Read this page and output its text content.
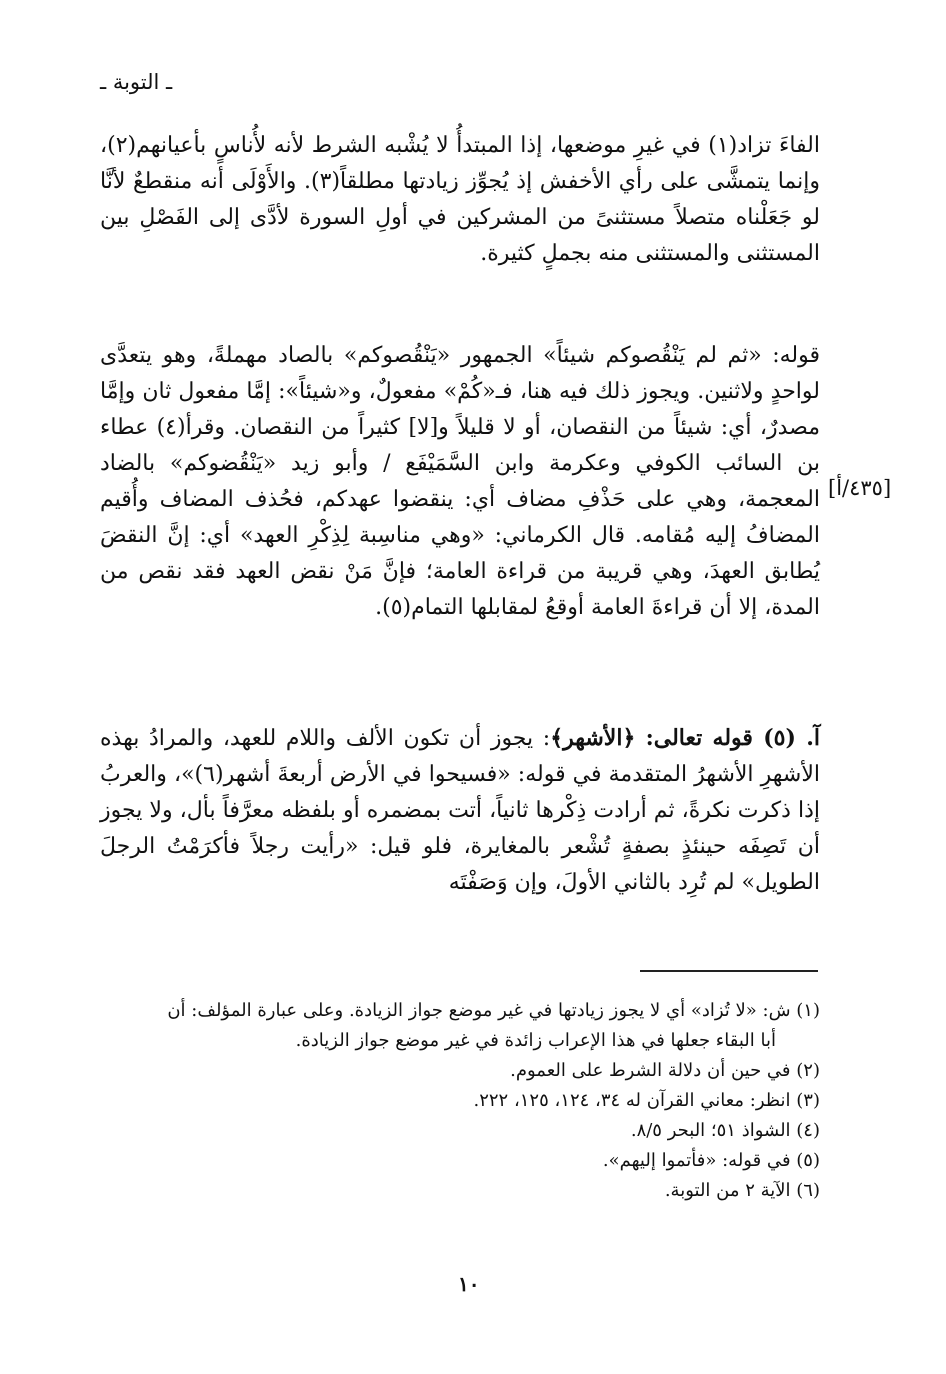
ـ التوبة ـ
[٤٣٥/أ]

الفاءَ تزاد(١) في غيرِ موضعها، إذا المبتدأُ لا يُشْبه الشرط لأنه لأُناسٍ بأعيانهم(٢)، وإنما يتمشَّى على رأي الأخفش إذ يُجوِّز زيادتها مطلقاً(٣). والأَوْلَى أنه منقطعٌ لأنَّا لو جَعَلْناه متصلاً مستثنىً من المشركين في أولِ السورة لأدَّى إلى الفَصْلِ بين المستثنى والمستثنى منه بجملٍ كثيرة.

قوله: «ثم لم يَنْقُصوكم شيئاً» الجمهور «يَنْقُصوكم» بالصاد مهملةً، وهو يتعدَّى لواحدٍ ولاثنين. ويجوز ذلك فيه هنا، فـ«كُمْ» مفعولٌ، و«شيئاً»: إمَّا مفعول ثان وإمَّا مصدرٌ، أي: شيئاً من النقصان، أو لا قليلاً و[لا] كثيراً من النقصان. وقرأ(٤) عطاء بن السائب الكوفي وعكرمة وابن السَّمَيْفَع / وأبو زيد «يَنْقُضوكم» بالضاد المعجمة، وهي على حَذْفِ مضاف أي: ينقضوا عهدكم، فحُذف المضاف وأُقيم المضافُ إليه مُقامه. قال الكرماني: «وهي مناسِبة لِذِكْرِ العهد» أي: إنَّ النقضَ يُطابق العهدَ، وهي قريبة من قراءة العامة؛ فإنَّ مَنْ نقض العهد فقد نقص من المدة، إلا أن قراءةَ العامة أوقعُ لمقابلها التمام(٥).

آ. (٥) قوله تعالى: ﴿الأشهر﴾: يجوز أن تكون الألف واللام للعهد، والمرادُ بهذه الأشهرِ الأشهرُ المتقدمة في قوله: «فسيحوا في الأرض أربعةَ أشهر(٦)»، والعربُ إذا ذكرت نكرةً، ثم أرادت ذِكْرها ثانياً، أتت بمضمره أو بلفظه معرَّفاً بأل، ولا يجوز أن تَصِفَه حينئذٍ بصفةٍ تُشْعر بالمغايرة، فلو قيل: «رأيت رجلاً فأكرَمْتُ الرجلَ الطويل» لم تُرِد بالثاني الأولَ، وإن وَصَفْتَه

(١) ش: «لا تُزاد» أي لا يجوز زيادتها في غير موضع جواز الزيادة. وعلى عبارة المؤلف: أن

أبا البقاء جعلها في هذا الإعراب زائدة في غير موضع جواز الزيادة.

(٢) في حين أن دلالة الشرط على العموم.

(٣) انظر: معاني القرآن له ٣٤، ١٢٤، ١٢٥، ٢٢٢.

(٤) الشواذ ٥١؛ البحر ٨/٥.

(٥) في قوله: «فأتموا إليهم».

(٦) الآية ٢ من التوبة.

١٠
